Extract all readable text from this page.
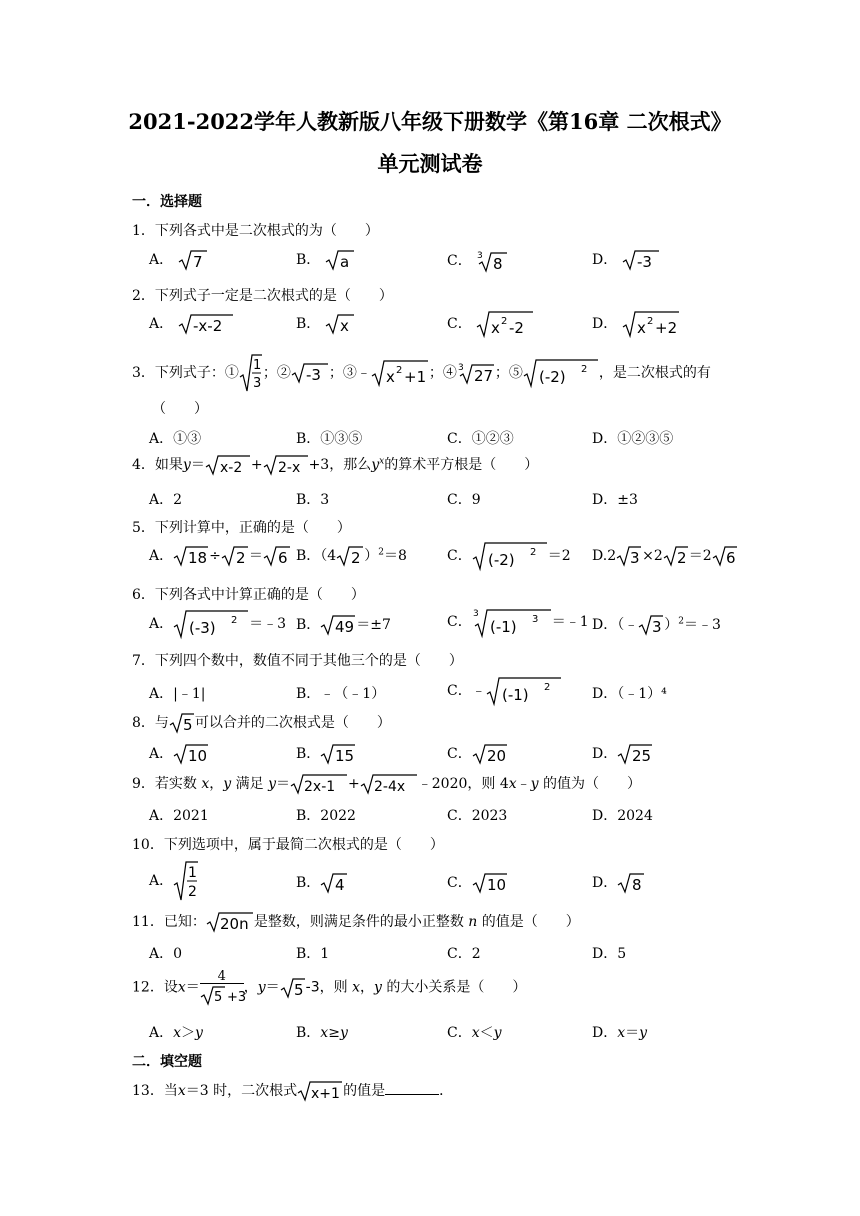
2021-2022学年人教新版八年级下册数学《第16章 二次根式》
单元测试卷
一．选择题
1．下列各式中是二次根式的为（　　）
A． 7	B． a	C． 3 8	D． -3
2．下列式子一定是二次根式的是（　　）
A． -x-2	B． x	C． x 2 -2	D． x 2 +2
3．下列式子：① 1
3
；② -3 ；③﹣ x 2 +1 ；④ 3 27 ；⑤ (-2) 2 ，是二次根式的有
（　　）
A．①③	B．①③⑤	C．①②③	D．①②③⑤
4．如果y＝ x-2 + 2-x +3，那么$y^x$的算术平方根是（　　）
A．2	B．3	C．9	D．±3
5．下列计算中，正确的是（　　）
A． 18 ÷ 2 ＝ 6 B．（4 2 ）$^2$＝8	C． (-2) 2 ＝2 D.2 3 ×2 2 ＝2 6
6．下列各式中计算正确的是（　　）
A． (-3) 2 ＝﹣3 B． 49 ＝±7	C． 3
(-1) 3 ＝﹣1 D．（﹣ 3 ）$^2$＝﹣3
7．下列四个数中，数值不同于其他三个的是（　　）
A．|﹣1|	B．﹣（﹣1）	C．﹣ (-1) 2	D．（﹣1）⁴
8．与 5 可以合并的二次根式是（　　）
A． 10	B． 15	C． 20	D． 25
9．若实数 x，y 满足 y＝ 2x-1 + 2-4x ﹣2020，则 4x﹣y 的值为（　　）
A．2021	B．2022	C．2023	D．2024
10．下列选项中，属于最简二次根式的是（　　）
A． 1
2
B． 4	C． 10	D． 8
11．已知： 20n 是整数，则满足条件的最小正整数 n 的值是（　　）
A．0	B．1	C．2	D．5
12．设$x= \frac{4}{5 +3}$ ，y＝ 5 -3，则 x，y 的大小关系是（　　）
A．x＞y	B．x≥y	C．x＜y	D．x＝y
二．填空题
13．当x＝3 时，二次根式 x+1 的值是	．
